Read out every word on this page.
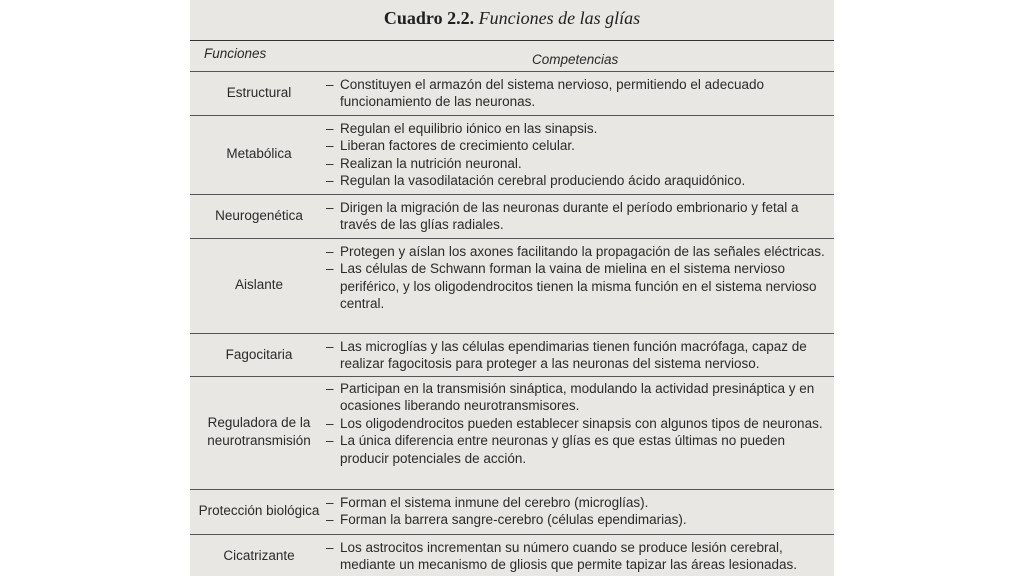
Cuadro 2.2. Funciones de las glías
Funciones	Competencias
Estructural

– Constituyen el armazón del sistema nervioso, permitiendo el adecuado funcionamiento de las neuronas.

Metabólica

– Regulan el equilibrio iónico en las sinapsis.

– Liberan factores de crecimiento celular.

– Realizan la nutrición neuronal.

– Regulan la vasodilatación cerebral produciendo ácido araquidónico.

Neurogenética

– Dirigen la migración de las neuronas durante el período embrionario y fetal a través de las glías radiales.

Aislante

– Protegen y aíslan los axones facilitando la propagación de las señales eléctricas.

– Las células de Schwann forman la vaina de mielina en el sistema nervioso periférico, y los oligodendrocitos tienen la misma función en el sistema nervioso central.

Fagocitaria

– Las microglías y las células ependimarias tienen función macrófaga, capaz de realizar fagocitosis para proteger a las neuronas del sistema nervioso.

Reguladora de la neurotransmisión

– Participan en la transmisión sináptica, modulando la actividad presináptica y en ocasiones liberando neurotransmisores.

– Los oligodendrocitos pueden establecer sinapsis con algunos tipos de neuronas.

– La única diferencia entre neuronas y glías es que estas últimas no pueden producir potenciales de acción.

Protección biológica

– Forman el sistema inmune del cerebro (microglías).

– Forman la barrera sangre-cerebro (células ependimarias).

Cicatrizante

– Los astrocitos incrementan su número cuando se produce lesión cerebral, mediante un mecanismo de gliosis que permite tapizar las áreas lesionadas.
